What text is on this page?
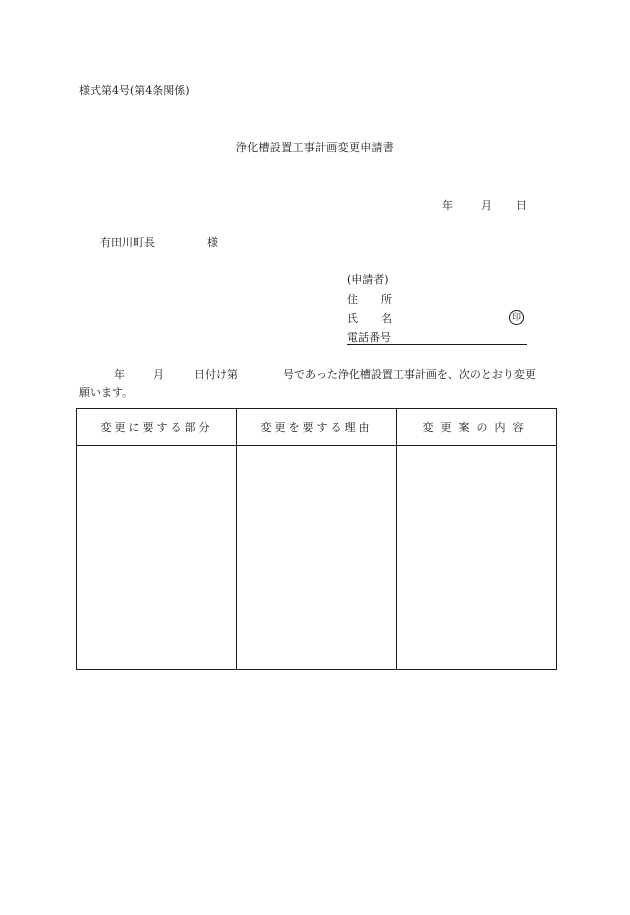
様式第4号(第4条関係)
浄化槽設置工事計画変更申請書
年	月 日
有田川町長	様
(申請者)
住 所
氏 名	印
電話番号
年	月	日付け第	号であった浄化槽設置工事計画を、次のとおり変更
願います。
変更に要する部分	変更を要する理由	変更案の内容
